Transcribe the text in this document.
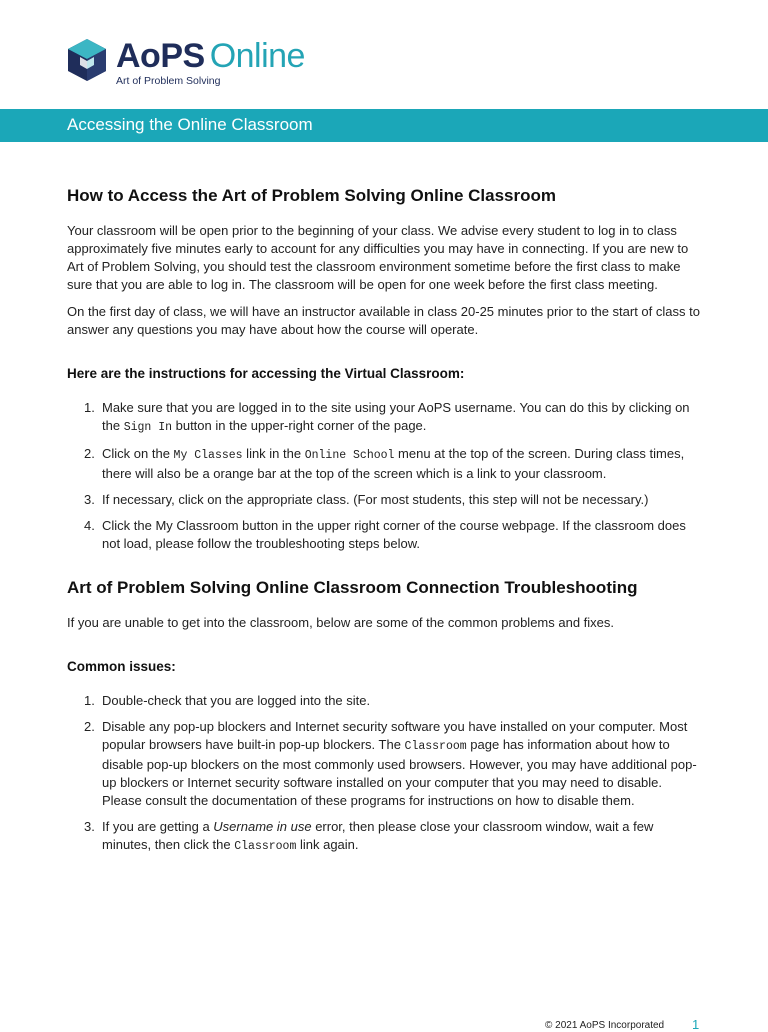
AoPS Online
Art of Problem Solving
Accessing the Online Classroom
How to Access the Art of Problem Solving Online Classroom

Your classroom will be open prior to the beginning of your class. We advise every student to log in to class approximately five minutes early to account for any difficulties you may have in connecting. If you are new to Art of Problem Solving, you should test the classroom environment sometime before the first class to make sure that you are able to log in. The classroom will be open for one week before the first class meeting.

On the first day of class, we will have an instructor available in class 20-25 minutes prior to the start of class to answer any questions you may have about how the course will operate.

Here are the instructions for accessing the Virtual Classroom:
1. Make sure that you are logged in to the site using your AoPS username. You can do this by clicking on the Sign In button in the upper-right corner of the page.
2. Click on the My Classes link in the Online School menu at the top of the screen. During class times, there will also be a orange bar at the top of the screen which is a link to your classroom.
3. If necessary, click on the appropriate class. (For most students, this step will not be necessary.)
4. Click the My Classroom button in the upper right corner of the course webpage. If the classroom does not load, please follow the troubleshooting steps below.
Art of Problem Solving Online Classroom Connection Troubleshooting

If you are unable to get into the classroom, below are some of the common problems and fixes.

Common issues:
1. Double-check that you are logged into the site.
2. Disable any pop-up blockers and Internet security software you have installed on your computer. Most popular browsers have built-in pop-up blockers. The Classroom page has information about how to disable pop-up blockers on the most commonly used browsers. However, you may have additional pop-up blockers or Internet security software installed on your computer that you may need to disable. Please consult the documentation of these programs for instructions on how to disable them.
3. If you are getting a Username in use error, then please close your classroom window, wait a few minutes, then click the Classroom link again.
© 2021 AoPS Incorporated 1
